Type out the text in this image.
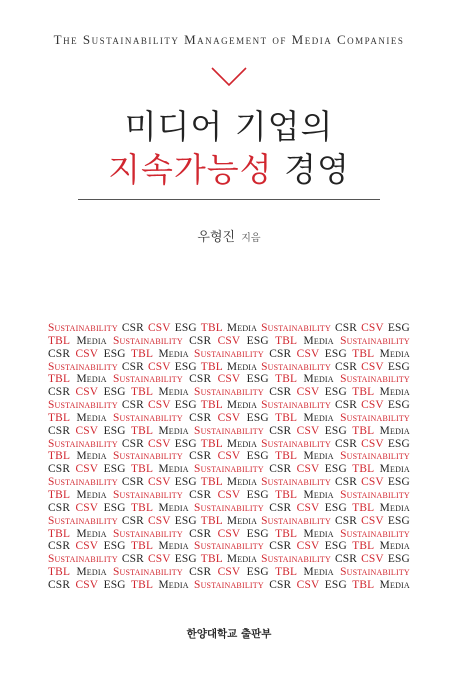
The Sustainability Management of Media Companies
미디어 기업의
지속가능성 경영
우형진 지음
Sustainability CSR CSV ESG TBL Media Sustainability CSR CSV ESG
TBL Media Sustainability CSR CSV ESG TBL Media Sustainability
CSR CSV ESG TBL Media Sustainability CSR CSV ESG TBL Media
Sustainability CSR CSV ESG TBL Media Sustainability CSR CSV ESG
TBL Media Sustainability CSR CSV ESG TBL Media Sustainability
CSR CSV ESG TBL Media Sustainability CSR CSV ESG TBL Media
Sustainability CSR CSV ESG TBL Media Sustainability CSR CSV ESG
TBL Media Sustainability CSR CSV ESG TBL Media Sustainability
CSR CSV ESG TBL Media Sustainability CSR CSV ESG TBL Media
Sustainability CSR CSV ESG TBL Media Sustainability CSR CSV ESG
TBL Media Sustainability CSR CSV ESG TBL Media Sustainability
CSR CSV ESG TBL Media Sustainability CSR CSV ESG TBL Media
Sustainability CSR CSV ESG TBL Media Sustainability CSR CSV ESG
TBL Media Sustainability CSR CSV ESG TBL Media Sustainability
CSR CSV ESG TBL Media Sustainability CSR CSV ESG TBL Media
Sustainability CSR CSV ESG TBL Media Sustainability CSR CSV ESG
TBL Media Sustainability CSR CSV ESG TBL Media Sustainability
CSR CSV ESG TBL Media Sustainability CSR CSV ESG TBL Media
Sustainability CSR CSV ESG TBL Media Sustainability CSR CSV ESG
TBL Media Sustainability CSR CSV ESG TBL Media Sustainability
CSR CSV ESG TBL Media Sustainability CSR CSV ESG TBL Media
한양대학교 출판부
